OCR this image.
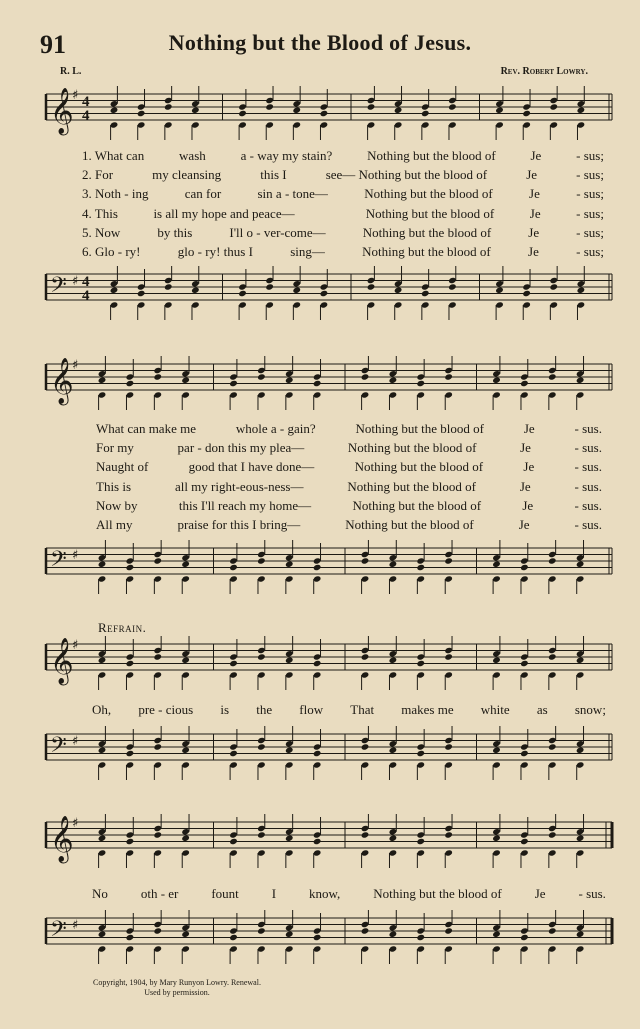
91	Nothing but the Blood of Jesus.
R. L.	Rev. Robert Lowry.
𝄞
♯ 4
4
1. What can	wash	a - way my stain?	Nothing but the blood of	Je	- sus;
2. For	my cleansing	this I	see— Nothing but the blood of	Je	- sus;
3. Noth - ing	can for	sin a - tone—	Nothing but the blood of	Je	- sus;
4. This	is all my hope and peace—	Nothing but the blood of	Je	- sus;
5. Now	by this	I'll o - ver-come—	Nothing but the blood of	Je	- sus;
6. Glo - ry!	glo - ry! thus I	sing—	Nothing but the blood of	Je	- sus;
𝄢 ♯ 4
4
𝄞
♯
What can make me	whole a - gain?	Nothing but the blood of	Je	- sus.
For my	par - don this my plea—	Nothing but the blood of	Je	- sus.
Naught of	good that I have done—	Nothing but the blood of	Je	- sus.
This is	all my right-eous-ness—	Nothing but the blood of	Je	- sus.
Now by	this I'll reach my home—	Nothing but the blood of	Je	- sus.
All my	praise for this I bring—	Nothing but the blood of	Je	- sus.
𝄢 ♯
Refrain.
𝄞
♯
Oh, pre - cious is the flow That makes me white as snow;
𝄢 ♯
𝄞
♯
No	oth - er	fount	I	know,	Nothing but the blood of	Je	- sus.
𝄢 ♯
Copyright, 1904, by Mary Runyon Lowry. Renewal.
Used by permission.
